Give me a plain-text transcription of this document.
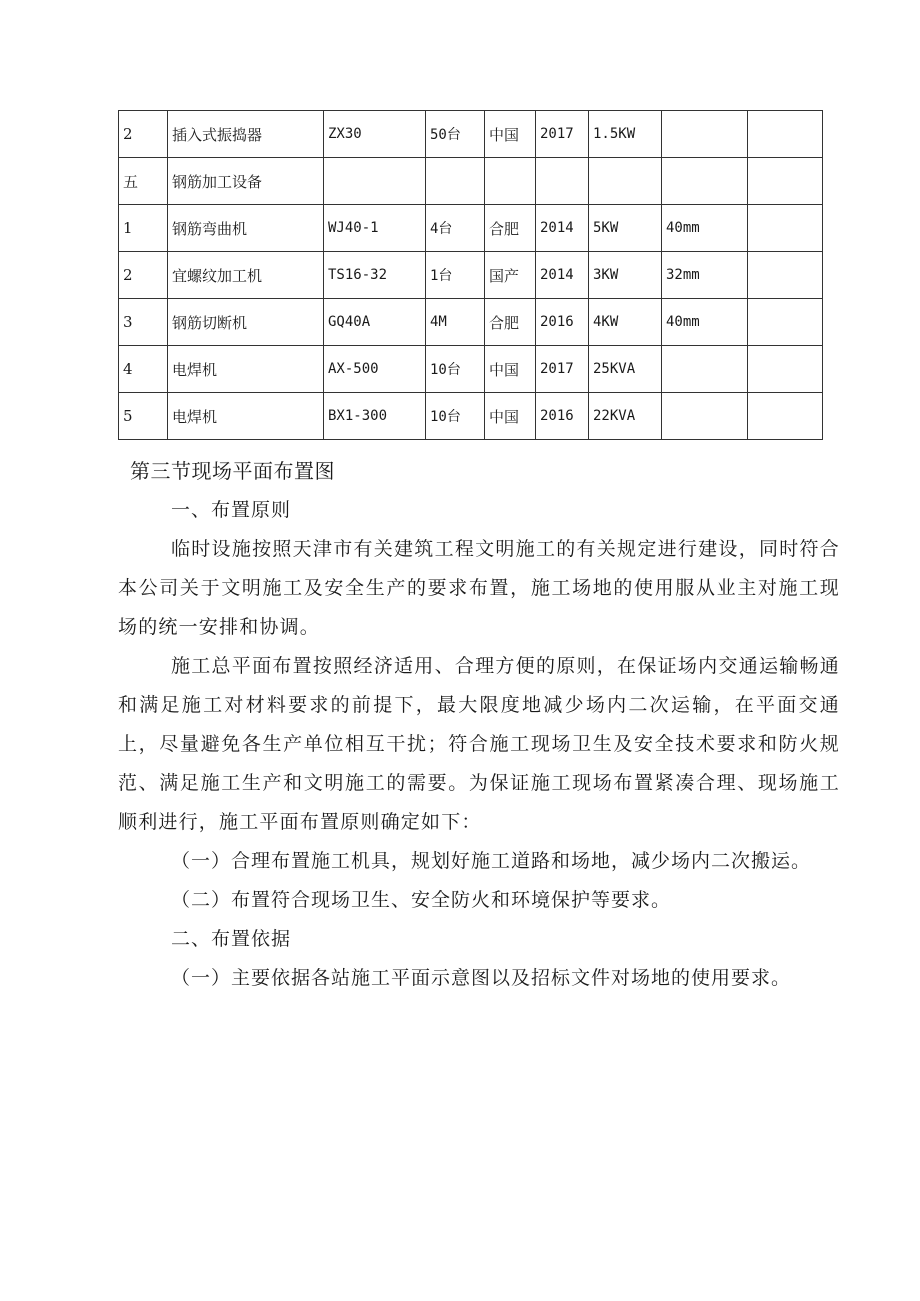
2	插入式振捣器	ZX30	50台	中国	2017	1.5KW		
五	钢筋加工设备							
1	钢筋弯曲机	WJ40-1	4台	合肥	2014	5KW	40mm	
2	宜螺纹加工机	TS16-32	1台	国产	2014	3KW	32mm	
3	钢筋切断机	GQ40A	4M	合肥	2016	4KW	40mm	
4	电焊机	AX-500	10台	中国	2017	25KVA		
5	电焊机	BX1-300	10台	中国	2016	22KVA		

第三节现场平面布置图

一、布置原则

临时设施按照天津市有关建筑工程文明施工的有关规定进行建设，同时符合本公司关于文明施工及安全生产的要求布置，施工场地的使用服从业主对施工现场的统一安排和协调。

施工总平面布置按照经济适用、合理方便的原则，在保证场内交通运输畅通和满足施工对材料要求的前提下，最大限度地减少场内二次运输，在平面交通上，尽量避免各生产单位相互干扰；符合施工现场卫生及安全技术要求和防火规范、满足施工生产和文明施工的需要。为保证施工现场布置紧凑合理、现场施工顺利进行，施工平面布置原则确定如下：

（一）合理布置施工机具，规划好施工道路和场地，减少场内二次搬运。

（二）布置符合现场卫生、安全防火和环境保护等要求。

二、布置依据

（一）主要依据各站施工平面示意图以及招标文件对场地的使用要求。
